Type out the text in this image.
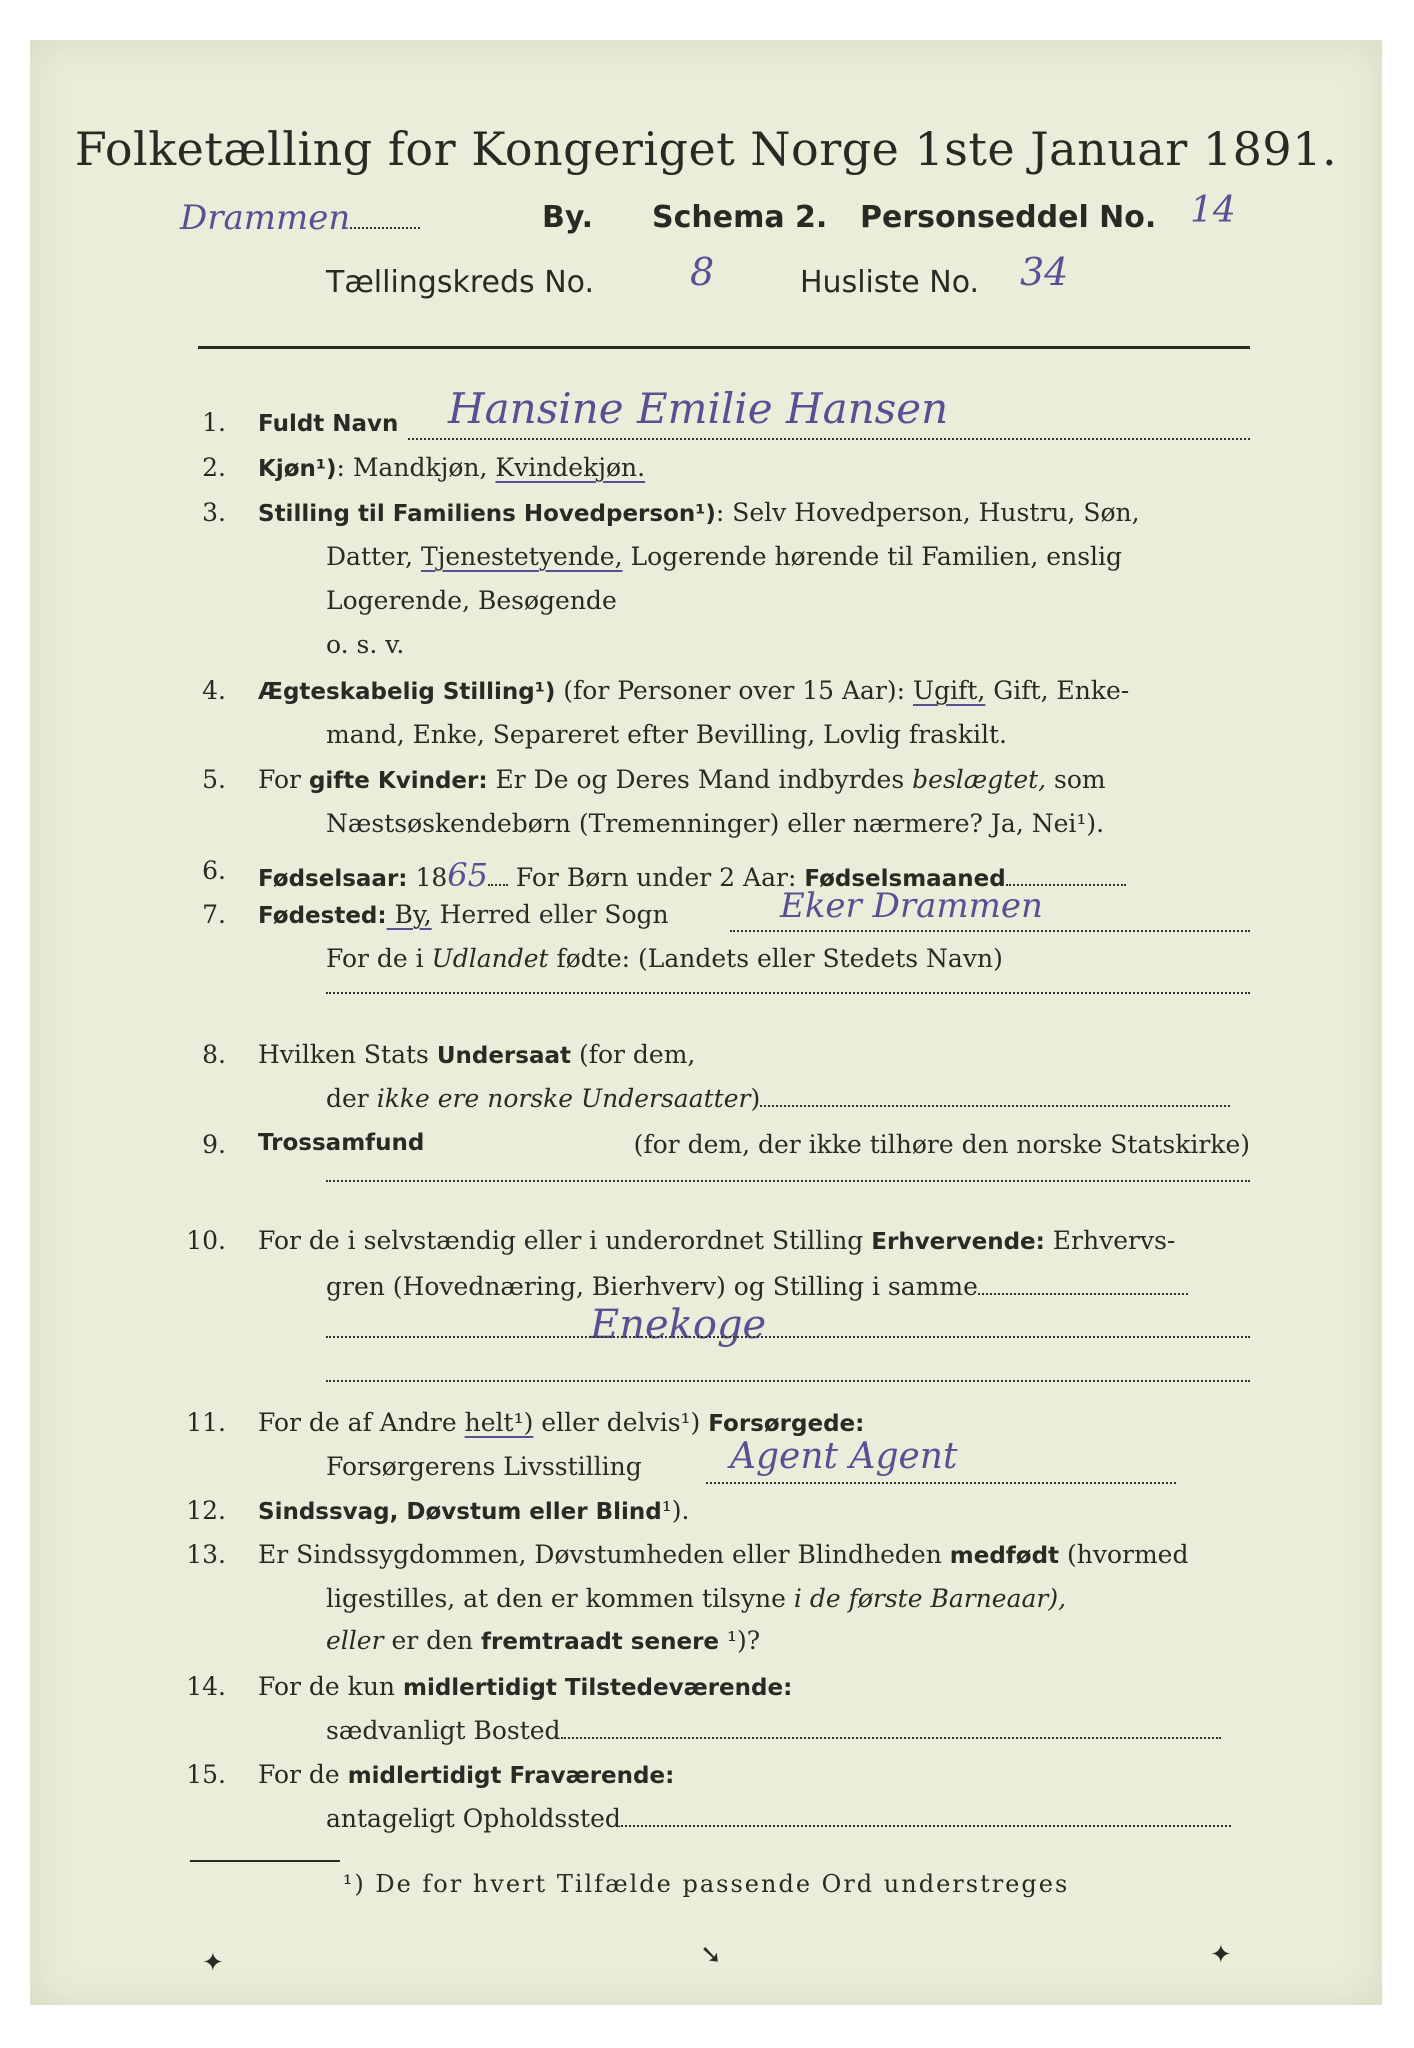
Folketælling for Kongeriget Norge 1ste Januar 1891.
Drammen	By. Schema 2. Personseddel No. 14
Tællingskreds No.	8	Husliste No. 34
1. Fuldt Navn Hansine Emilie Hansen
2. Kjøn¹): Mandkjøn, Kvindekjøn.
3. Stilling til Familiens Hovedperson¹): Selv Hovedperson, Hustru, Søn,
Datter, Tjenestetyende, Logerende hørende til Familien, enslig
Logerende, Besøgende
o. s. v.
4. Ægteskabelig Stilling¹) (for Personer over 15 Aar): Ugift, Gift, Enke-
mand, Enke, Separeret efter Bevilling, Lovlig fraskilt.
5. For gifte Kvinder: Er De og Deres Mand indbyrdes beslægtet, som
Næstsøskendebørn (Tremenninger) eller nærmere? Ja, Nei¹).
6. Fødselsaar: 1865 For Børn under 2 Aar: Fødselsmaaned
7. Fødested: By, Herred eller Sogn	Eker Drammen
For de i Udlandet fødte: (Landets eller Stedets Navn)
8. Hvilken Stats Undersaat (for dem,
der ikke ere norske Undersaatter)
9. Trossamfund	(for dem, der ikke tilhøre den norske Statskirke)
10. For de i selvstændig eller i underordnet Stilling Erhvervende: Erhvervs-
gren (Hovednæring, Bierhverv) og Stilling i samme
Enekoge
11. For de af Andre helt¹) eller delvis¹) Forsørgede:
Forsørgerens Livsstilling Agent Agent
12. Sindssvag, Døvstum eller Blind¹).
13. Er Sindssygdommen, Døvstumheden eller Blindheden medfødt (hvormed
ligestilles, at den er kommen tilsyne i de første Barneaar),
eller er den fremtraadt senere ¹)?
14. For de kun midlertidigt Tilstedeværende:
sædvanligt Bosted
15. For de midlertidigt Fraværende:
antageligt Opholdssted
¹) De for hvert Tilfælde passende Ord understreges
✦	➘	✦
